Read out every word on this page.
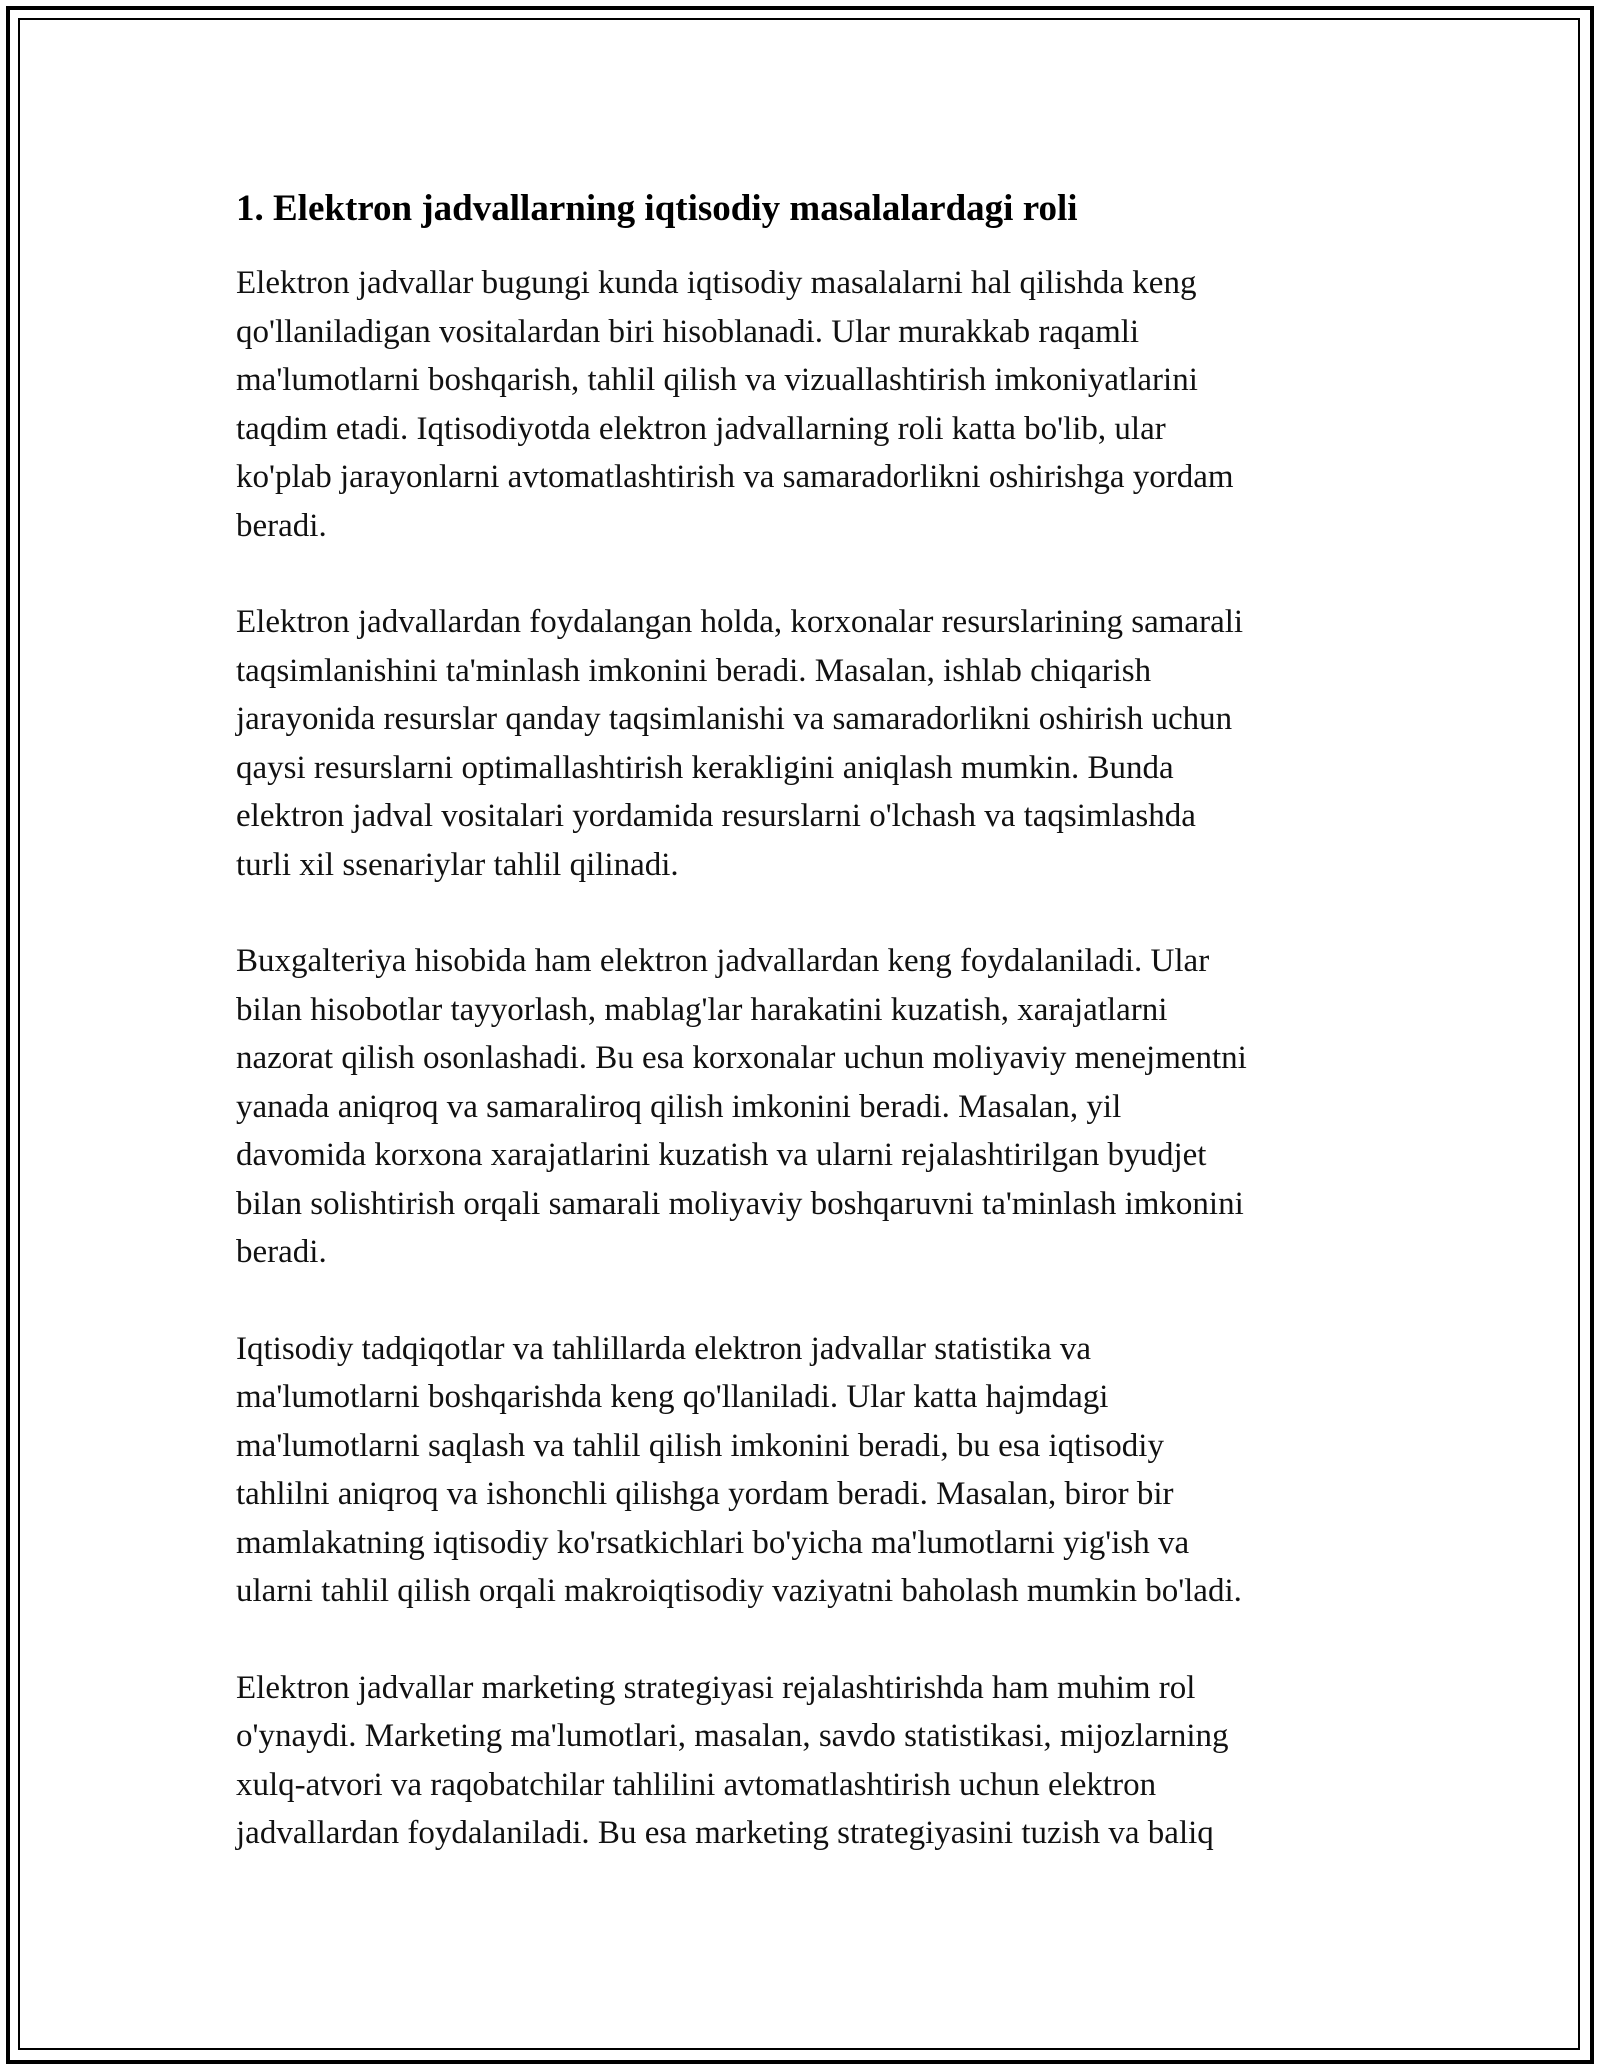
1. Elektron jadvallarning iqtisodiy masalalardagi roli

Elektron jadvallar bugungi kunda iqtisodiy masalalarni hal qilishda keng
qo'llaniladigan vositalardan biri hisoblanadi. Ular murakkab raqamli
ma'lumotlarni boshqarish, tahlil qilish va vizuallashtirish imkoniyatlarini
taqdim etadi. Iqtisodiyotda elektron jadvallarning roli katta bo'lib, ular
ko'plab jarayonlarni avtomatlashtirish va samaradorlikni oshirishga yordam
beradi.

Elektron jadvallardan foydalangan holda, korxonalar resurslarining samarali
taqsimlanishini ta'minlash imkonini beradi. Masalan, ishlab chiqarish
jarayonida resurslar qanday taqsimlanishi va samaradorlikni oshirish uchun
qaysi resurslarni optimallashtirish kerakligini aniqlash mumkin. Bunda
elektron jadval vositalari yordamida resurslarni o'lchash va taqsimlashda
turli xil ssenariylar tahlil qilinadi.

Buxgalteriya hisobida ham elektron jadvallardan keng foydalaniladi. Ular
bilan hisobotlar tayyorlash, mablag'lar harakatini kuzatish, xarajatlarni
nazorat qilish osonlashadi. Bu esa korxonalar uchun moliyaviy menejmentni
yanada aniqroq va samaraliroq qilish imkonini beradi. Masalan, yil
davomida korxona xarajatlarini kuzatish va ularni rejalashtirilgan byudjet
bilan solishtirish orqali samarali moliyaviy boshqaruvni ta'minlash imkonini
beradi.

Iqtisodiy tadqiqotlar va tahlillarda elektron jadvallar statistika va
ma'lumotlarni boshqarishda keng qo'llaniladi. Ular katta hajmdagi
ma'lumotlarni saqlash va tahlil qilish imkonini beradi, bu esa iqtisodiy
tahlilni aniqroq va ishonchli qilishga yordam beradi. Masalan, biror bir
mamlakatning iqtisodiy ko'rsatkichlari bo'yicha ma'lumotlarni yig'ish va
ularni tahlil qilish orqali makroiqtisodiy vaziyatni baholash mumkin bo'ladi.

Elektron jadvallar marketing strategiyasi rejalashtirishda ham muhim rol
o'ynaydi. Marketing ma'lumotlari, masalan, savdo statistikasi, mijozlarning
xulq-atvori va raqobatchilar tahlilini avtomatlashtirish uchun elektron
jadvallardan foydalaniladi. Bu esa marketing strategiyasini tuzish va baliq
